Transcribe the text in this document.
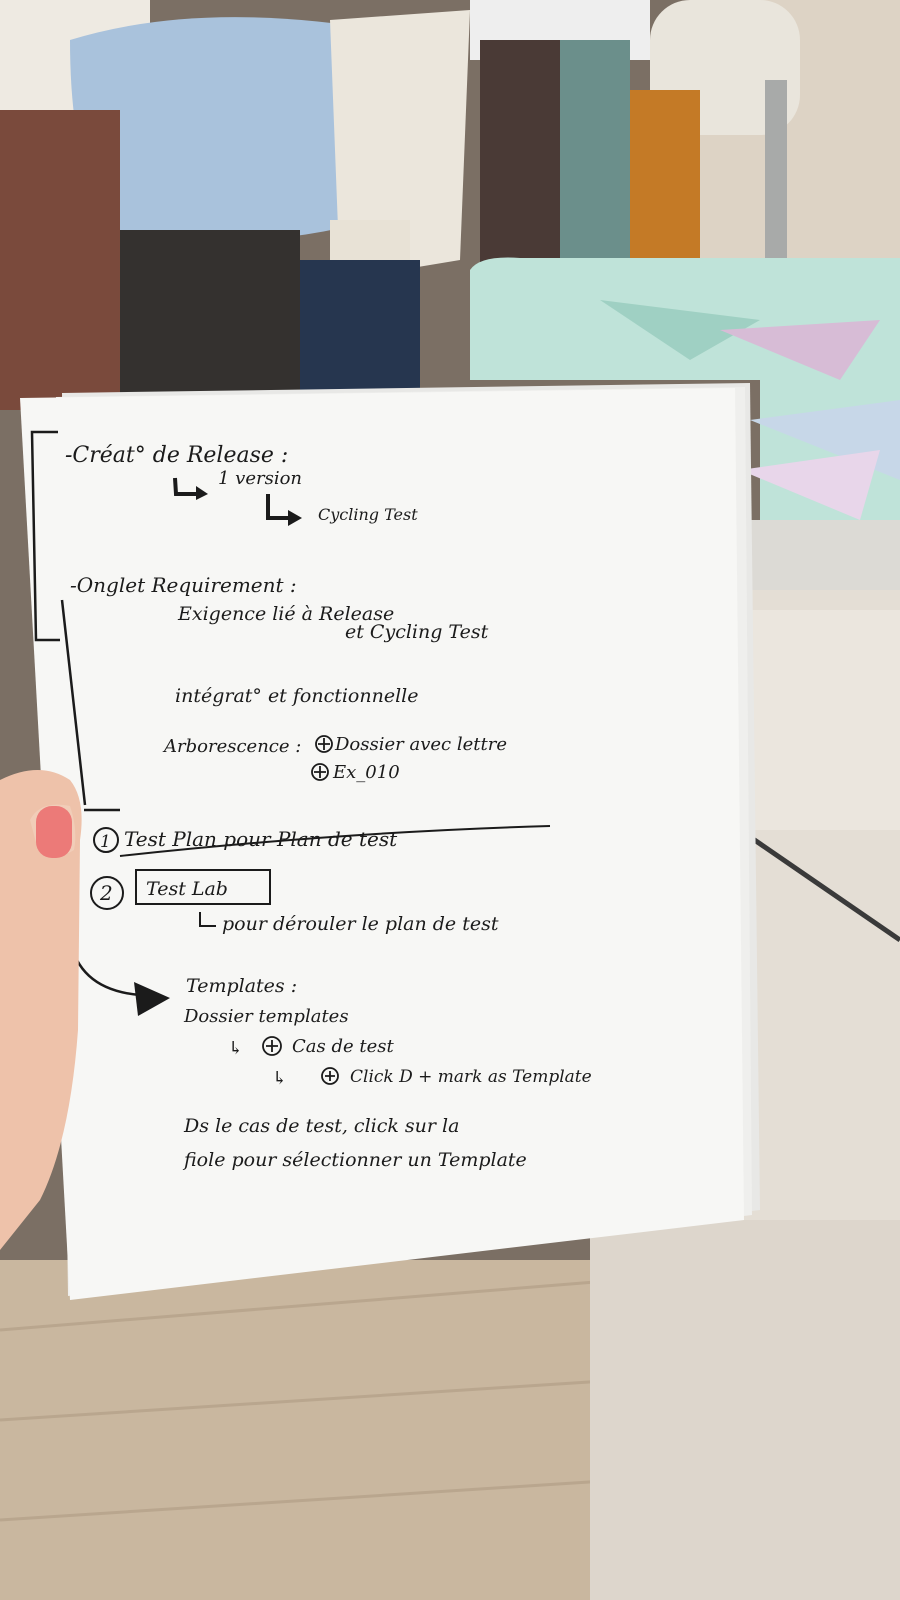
-Créat° de Release :
1 version
Cycling Test
-Onglet Requirement :
Exigence lié à Release
et Cycling Test
intégrat° et fonctionnelle
Arborescence : Dossier avec lettre
Ex_010
1 Test Plan pour Plan de test
2 Test Lab
pour dérouler le plan de test
Templates :
Dossier templates
↳	Cas de test
↳	Click D + mark as Template
Ds le cas de test, click sur la
fiole pour sélectionner un Template
